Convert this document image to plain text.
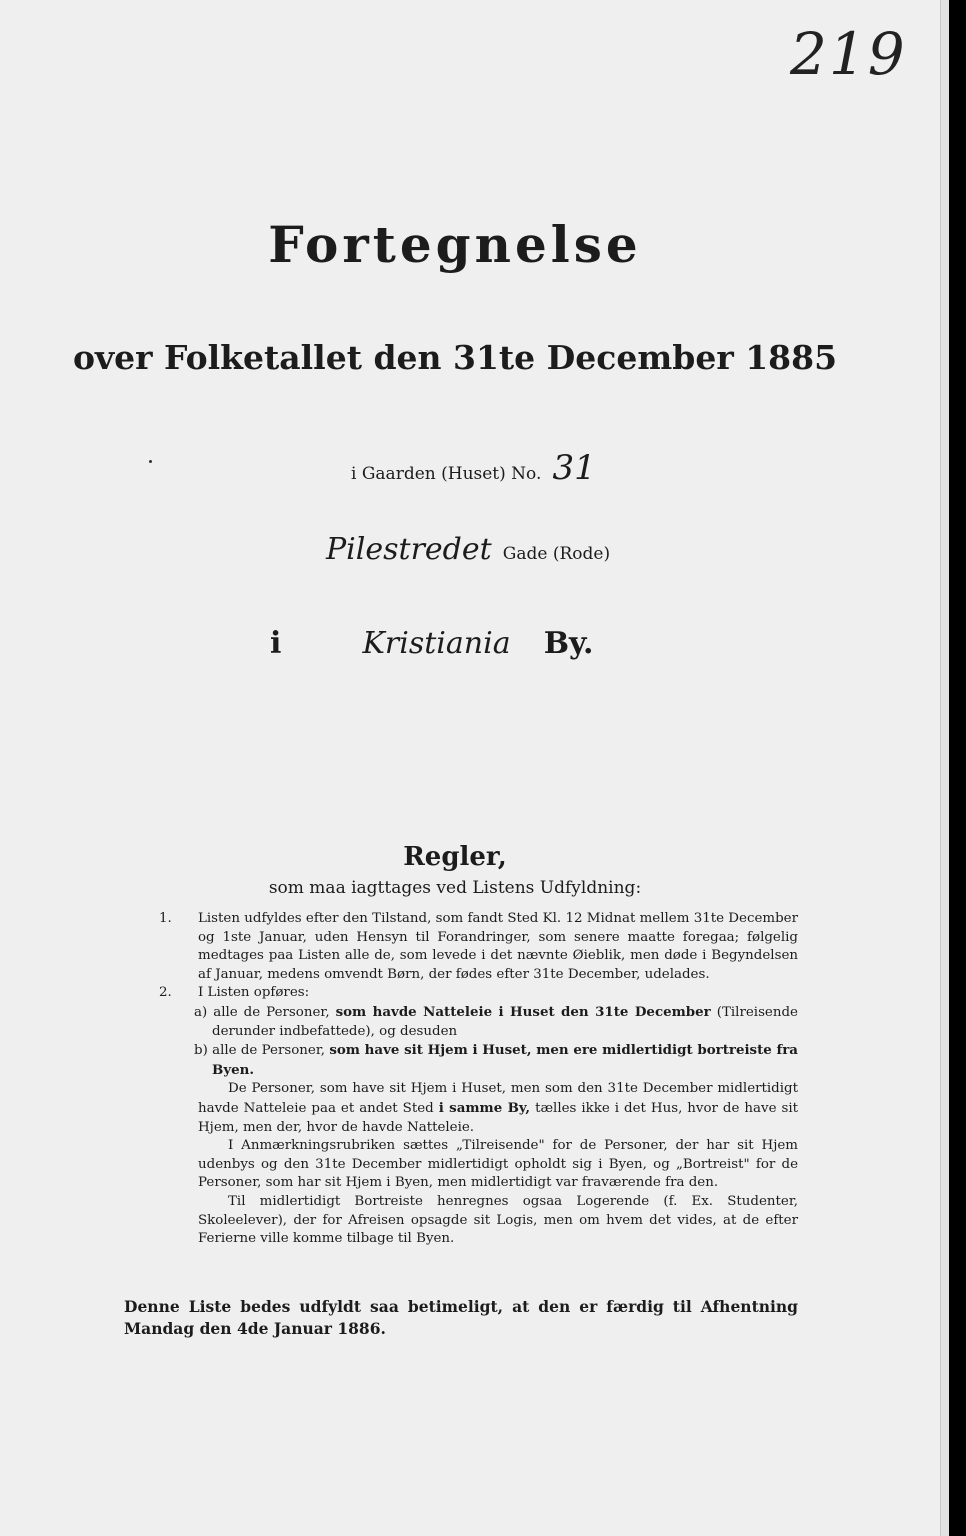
219
Fortegnelse
over Folketallet den 31te December 1885
i Gaarden (Huset) No. 31
Pilestredet Gade (Rode)
i	Kristiania By.
Regler,
som maa iagttages ved Listens Udfyldning:

1. Listen udfyldes efter den Tilstand, som fandt Sted Kl. 12 Midnat mellem 31te December og 1ste Januar, uden Hensyn til Forandringer, som senere maatte foregaa; følgelig medtages paa Listen alle de, som levede i det nævnte Øieblik, men døde i Begyndelsen af Januar, medens omvendt Børn, der fødes efter 31te December, udelades.

2. I Listen opføres:

a) alle de Personer, som havde Natteleie i Huset den 31te December (Tilreisende derunder indbefattede), og desuden

b) alle de Personer, som have sit Hjem i Huset, men ere midlertidigt bortreiste fra Byen.

De Personer, som have sit Hjem i Huset, men som den 31te December midlertidigt havde Natteleie paa et andet Sted i samme By, tælles ikke i det Hus, hvor de have sit Hjem, men der, hvor de havde Natteleie.

I Anmærkningsrubriken sættes „Tilreisende" for de Personer, der har sit Hjem udenbys og den 31te December midlertidigt opholdt sig i Byen, og „Bortreist" for de Personer, som har sit Hjem i Byen, men midlertidigt var fraværende fra den.

Til midlertidigt Bortreiste henregnes ogsaa Logerende (f. Ex. Studenter, Skoleelever), der for Afreisen opsagde sit Logis, men om hvem det vides, at de efter Ferierne ville komme tilbage til Byen.

Denne Liste bedes udfyldt saa betimeligt, at den er færdig til Afhentning

Mandag den 4de Januar 1886.
